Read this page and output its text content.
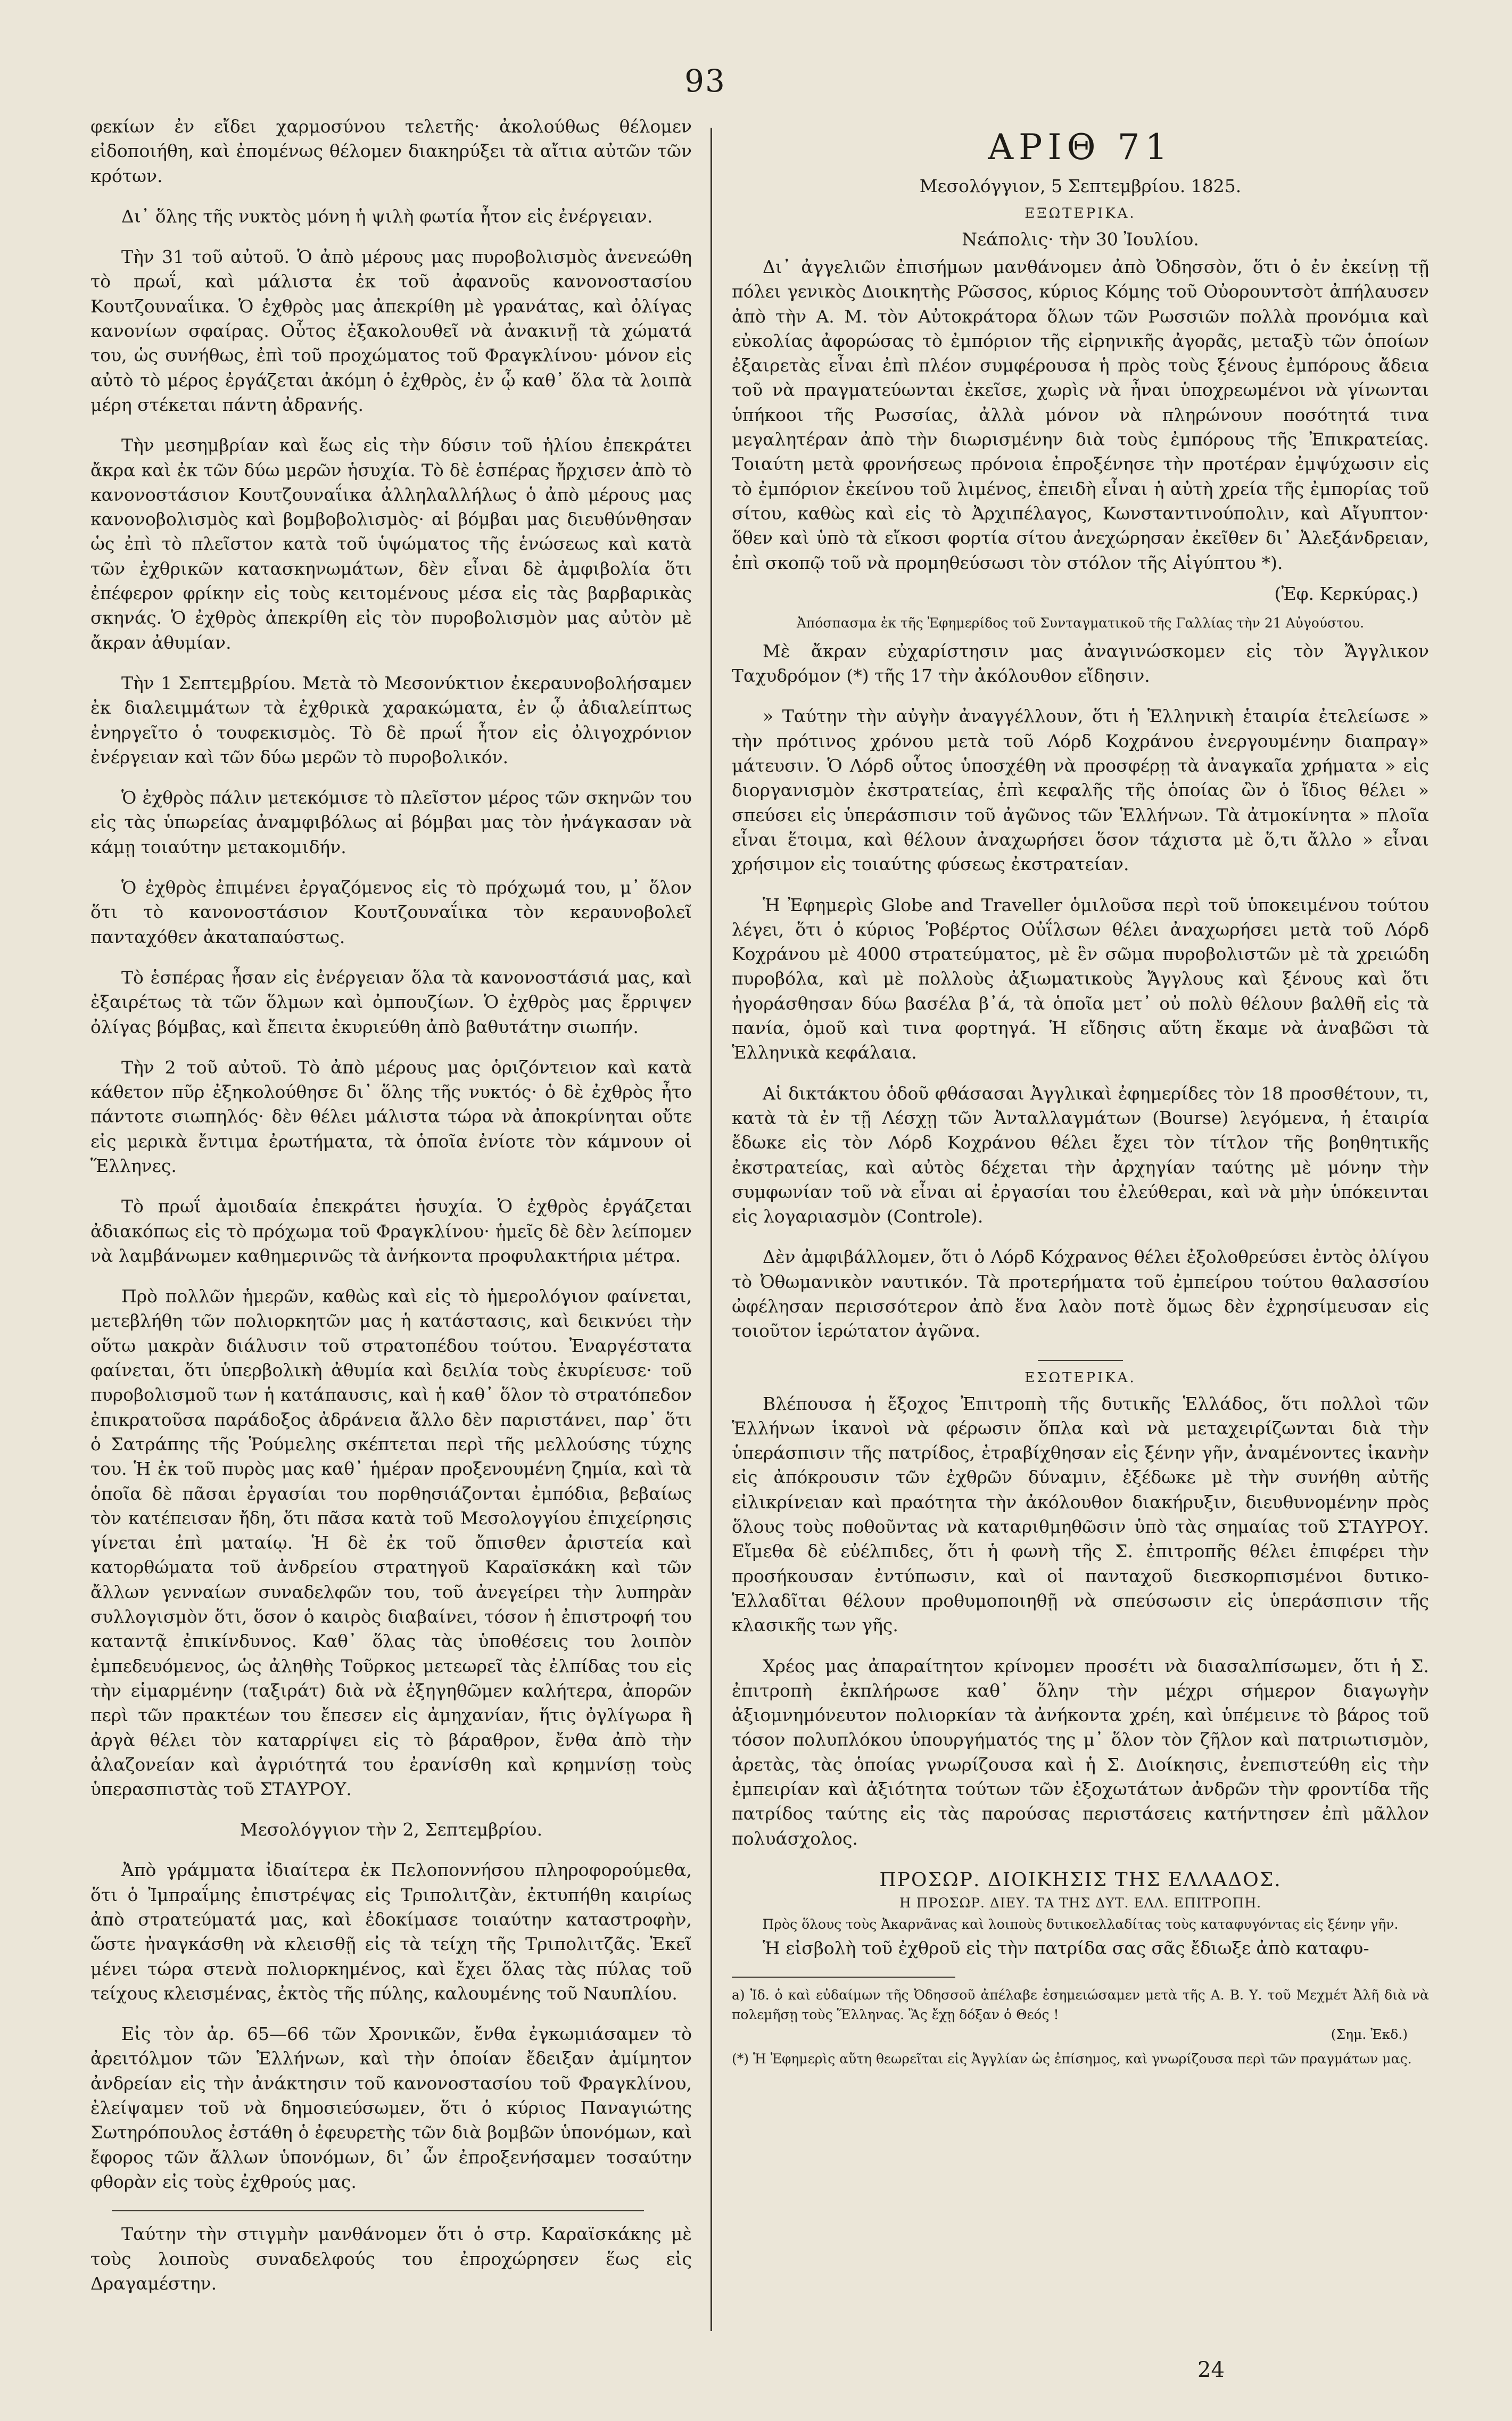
93

φεκίων ἐν εἴδει χαρμοσύνου τελετῆς· ἀκολούθως θέλομεν εἰδοποιήθη, καὶ ἐπομένως θέλομεν διακηρύξει τὰ αἴτια αὐτῶν τῶν κρότων.

Δι᾽ ὅλης τῆς νυκτὸς μόνη ἡ ψιλὴ φωτία ἦτον εἰς ἐνέργειαν.

Τὴν 31 τοῦ αὐτοῦ. Ὁ ἀπὸ μέρους μας πυροβολισμὸς ἀνενεώθη τὸ πρωΐ, καὶ μάλιστα ἐκ τοῦ ἀφανοῦς κανονοστασίου Κουτζουναΐικα. Ὁ ἐχθρὸς μας ἀπεκρίθη μὲ γρανάτας, καὶ ὀλίγας κανονίων σφαίρας. Οὗτος ἐξακολουθεῖ νὰ ἀνακινῇ τὰ χώματά του, ὡς συνήθως, ἐπὶ τοῦ προχώματος τοῦ Φραγκλίνου· μόνον εἰς αὐτὸ τὸ μέρος ἐργάζεται ἀκόμη ὁ ἐχθρὸς, ἐν ᾧ καθ᾽ ὅλα τὰ λοιπὰ μέρη στέκεται πάντη ἀδρανής.

Τὴν μεσημβρίαν καὶ ἕως εἰς τὴν δύσιν τοῦ ἡλίου ἐπεκράτει ἄκρα καὶ ἐκ τῶν δύω μερῶν ἡσυχία. Τὸ δὲ ἑσπέρας ἤρχισεν ἀπὸ τὸ κανονοστάσιον Κουτζουναΐικα ἀλληλαλλήλως ὁ ἀπὸ μέρους μας κανονοβολισμὸς καὶ βομβοβολισμὸς· αἱ βόμβαι μας διευθύνθησαν ὡς ἐπὶ τὸ πλεῖστον κατὰ τοῦ ὑψώματος τῆς ἑνώσεως καὶ κατὰ τῶν ἐχθρικῶν κατασκηνωμάτων, δὲν εἶναι δὲ ἀμφιβολία ὅτι ἐπέφερον φρίκην εἰς τοὺς κειτομένους μέσα εἰς τὰς βαρβαρικὰς σκηνάς. Ὁ ἐχθρὸς ἀπεκρίθη εἰς τὸν πυροβολισμὸν μας αὐτὸν μὲ ἄκραν ἀθυμίαν.

Τὴν 1 Σεπτεμβρίου. Μετὰ τὸ Μεσονύκτιον ἐκεραυνοβολήσαμεν ἐκ διαλειμμάτων τὰ ἐχθρικὰ χαρακώματα, ἐν ᾧ ἀδιαλείπτως ἐνηργεῖτο ὁ τουφεκισμὸς. Τὸ δὲ πρωΐ ἦτον εἰς ὀλιγοχρόνιον ἐνέργειαν καὶ τῶν δύω μερῶν τὸ πυροβολικόν.

Ὁ ἐχθρὸς πάλιν μετεκόμισε τὸ πλεῖστον μέρος τῶν σκηνῶν του εἰς τὰς ὑπωρείας ἀναμφιβόλως αἱ βόμβαι μας τὸν ἠνάγκασαν νὰ κάμῃ τοιαύτην μετακομιδήν.

Ὁ ἐχθρὸς ἐπιμένει ἐργαζόμενος εἰς τὸ πρόχωμά του, μ᾽ ὅλον ὅτι τὸ κανονοστάσιον Κουτζουναΐικα τὸν κεραυνοβολεῖ πανταχόθεν ἀκαταπαύστως.

Τὸ ἑσπέρας ἦσαν εἰς ἐνέργειαν ὅλα τὰ κανονοστάσιά μας, καὶ ἐξαιρέτως τὰ τῶν ὅλμων καὶ ὀμπουζίων. Ὁ ἐχθρὸς μας ἔρριψεν ὀλίγας βόμβας, καὶ ἔπειτα ἐκυριεύθη ἀπὸ βαθυτάτην σιωπήν.

Τὴν 2 τοῦ αὐτοῦ. Τὸ ἀπὸ μέρους μας ὁριζόντειον καὶ κατὰ κάθετον πῦρ ἐξηκολούθησε δι᾽ ὅλης τῆς νυκτός· ὁ δὲ ἐχθρὸς ἦτο πάντοτε σιωπηλός· δὲν θέλει μάλιστα τώρα νὰ ἀποκρίνηται οὔτε εἰς μερικὰ ἔντιμα ἐρωτήματα, τὰ ὁποῖα ἐνίοτε τὸν κάμνουν οἱ Ἕλληνες.

Τὸ πρωΐ ἀμοιδαία ἐπεκράτει ἡσυχία. Ὁ ἐχθρὸς ἐργάζεται ἀδιακόπως εἰς τὸ πρόχωμα τοῦ Φραγκλίνου· ἡμεῖς δὲ δὲν λείπομεν νὰ λαμβάνωμεν καθημερινῶς τὰ ἀνήκοντα προφυλακτήρια μέτρα.

Πρὸ πολλῶν ἡμερῶν, καθὼς καὶ εἰς τὸ ἡμερολόγιον φαίνεται, μετεβλήθη τῶν πολιορκητῶν μας ἡ κατάστασις, καὶ δεικνύει τὴν οὕτω μακρὰν διάλυσιν τοῦ στρατοπέδου τούτου. Ἐναργέστατα φαίνεται, ὅτι ὑπερβολικὴ ἀθυμία καὶ δειλία τοὺς ἐκυρίευσε· τοῦ πυροβολισμοῦ των ἡ κατάπαυσις, καὶ ἡ καθ᾽ ὅλον τὸ στρατόπεδον ἐπικρατοῦσα παράδοξος ἀδράνεια ἄλλο δὲν παριστάνει, παρ᾽ ὅτι ὁ Σατράπης τῆς Ῥούμελης σκέπτεται περὶ τῆς μελλούσης τύχης του. Ἡ ἐκ τοῦ πυρὸς μας καθ᾽ ἡμέραν προξενουμένη ζημία, καὶ τὰ ὁποῖα δὲ πᾶσαι ἐργασίαι του πορθησιάζονται ἐμπόδια, βεβαίως τὸν κατέπεισαν ἤδη, ὅτι πᾶσα κατὰ τοῦ Μεσολογγίου ἐπιχείρησις γίνεται ἐπὶ ματαίῳ. Ἡ δὲ ἐκ τοῦ ὄπισθεν ἀριστεία καὶ κατορθώματα τοῦ ἀνδρείου στρατηγοῦ Καραϊσκάκη καὶ τῶν ἄλλων γενναίων συναδελφῶν του, τοῦ ἀνεγείρει τὴν λυπηρὰν συλλογισμὸν ὅτι, ὅσον ὁ καιρὸς διαβαίνει, τόσον ἡ ἐπιστροφή του καταντᾷ ἐπικίνδυνος. Καθ᾽ ὅλας τὰς ὑποθέσεις του λοιπὸν ἐμπεδευόμενος, ὡς ἀληθὴς Τοῦρκος μετεωρεῖ τὰς ἐλπίδας του εἰς τὴν εἱμαρμένην (ταξιράτ) διὰ νὰ ἐξηγηθῶμεν καλήτερα, ἀπορῶν περὶ τῶν πρακτέων του ἔπεσεν εἰς ἀμηχανίαν, ἥτις ὀγλίγωρα ἢ ἀργὰ θέλει τὸν καταρρίψει εἰς τὸ βάραθρον, ἔνθα ἀπὸ τὴν ἀλαζονείαν καὶ ἀγριότητά του ἐρανίσθη καὶ κρημνίσῃ τοὺς ὑπερασπιστὰς τοῦ ΣΤΑΥΡΟΥ.

Μεσολόγγιον τὴν 2, Σεπτεμβρίου.

Ἀπὸ γράμματα ἰδιαίτερα ἐκ Πελοποννήσου πληροφορούμεθα, ὅτι ὁ Ἰμπραΐμης ἐπιστρέψας εἰς Τριπολιτζὰν, ἐκτυπήθη καιρίως ἀπὸ στρατεύματά μας, καὶ ἐδοκίμασε τοιαύτην καταστροφὴν, ὥστε ἠναγκάσθη νὰ κλεισθῇ εἰς τὰ τείχη τῆς Τριπολιτζᾶς. Ἐκεῖ μένει τώρα στενὰ πολιορκημένος, καὶ ἔχει ὅλας τὰς πύλας τοῦ τείχους κλεισμένας, ἐκτὸς τῆς πύλης, καλουμένης τοῦ Ναυπλίου.

Εἰς τὸν ἀρ. 65—66 τῶν Χρονικῶν, ἔνθα ἐγκωμιάσαμεν τὸ ἀρειτόλμον τῶν Ἑλλήνων, καὶ τὴν ὁποίαν ἔδειξαν ἀμίμητον ἀνδρείαν εἰς τὴν ἀνάκτησιν τοῦ κανονοστασίου τοῦ Φραγκλίνου, ἐλείψαμεν τοῦ νὰ δημοσιεύσωμεν, ὅτι ὁ κύριος Παναγιώτης Σωτηρόπουλος ἐστάθη ὁ ἐφευρετὴς τῶν διὰ βομβῶν ὑπονόμων, καὶ ἔφορος τῶν ἄλλων ὑπονόμων, δι᾽ ὧν ἐπροξενήσαμεν τοσαύτην φθορὰν εἰς τοὺς ἐχθρούς μας.

Ταύτην τὴν στιγμὴν μανθάνομεν ὅτι ὁ στρ. Καραϊσκάκης μὲ τοὺς λοιποὺς συναδελφούς του ἐπροχώρησεν ἕως εἰς Δραγαμέστην.

ΑΡΙΘ 71
Μεσολόγγιον, 5 Σεπτεμβρίου. 1825.
ΕΞΩΤΕΡΙΚΑ.
Νεάπολις· τὴν 30 Ἰουλίου.

Δι᾽ ἀγγελιῶν ἐπισήμων μανθάνομεν ἀπὸ Ὀδησσὸν, ὅτι ὁ ἐν ἐκείνῃ τῇ πόλει γενικὸς Διοικητὴς Ρῶσσος, κύριος Κόμης τοῦ Οὐορουντσὸτ ἀπήλαυσεν ἀπὸ τὴν Α. Μ. τὸν Αὐτοκράτορα ὅλων τῶν Ρωσσιῶν πολλὰ προνόμια καὶ εὐκολίας ἀφορώσας τὸ ἐμπόριον τῆς εἰρηνικῆς ἀγορᾶς, μεταξὺ τῶν ὁποίων ἐξαιρετὰς εἶναι ἐπὶ πλέον συμφέρουσα ἡ πρὸς τοὺς ξένους ἐμπόρους ἄδεια τοῦ νὰ πραγματεύωνται ἐκεῖσε, χωρὶς νὰ ἦναι ὑποχρεωμένοι νὰ γίνωνται ὑπήκοοι τῆς Ρωσσίας, ἀλλὰ μόνον νὰ πληρώνουν ποσότητά τινα μεγαλητέραν ἀπὸ τὴν διωρισμένην διὰ τοὺς ἐμπόρους τῆς Ἐπικρατείας. Τοιαύτη μετὰ φρονήσεως πρόνοια ἐπροξένησε τὴν προτέραν ἐμψύχωσιν εἰς τὸ ἐμπόριον ἐκείνου τοῦ λιμένος, ἐπειδὴ εἶναι ἡ αὐτὴ χρεία τῆς ἐμπορίας τοῦ σίτου, καθὼς καὶ εἰς τὸ Ἀρχιπέλαγος, Κωνσταντινούπολιν, καὶ Αἴγυπτον· ὅθεν καὶ ὑπὸ τὰ εἴκοσι φορτία σίτου ἀνεχώρησαν ἐκεῖθεν δι᾽ Ἀλεξάνδρειαν, ἐπὶ σκοπῷ τοῦ νὰ προμηθεύσωσι τὸν στόλον τῆς Αἰγύπτου *).

(Ἐφ. Κερκύρας.)
Ἀπόσπασμα ἐκ τῆς Ἐφημερίδος τοῦ Συνταγματικοῦ τῆς Γαλλίας τὴν 21 Αὐγούστου.

Μὲ ἄκραν εὐχαρίστησιν μας ἀναγινώσκομεν εἰς τὸν Ἄγγλικον Ταχυδρόμον (*) τῆς 17 τὴν ἀκόλουθον εἴδησιν.

» Ταύτην τὴν αὐγὴν ἀναγγέλλουν, ὅτι ἡ Ἑλληνικὴ ἑταιρία ἐτελείωσε » τὴν πρότινος χρόνου μετὰ τοῦ Λόρδ Κοχράνου ἐνεργουμένην διαπραγ» μάτευσιν. Ὁ Λόρδ οὗτος ὑποσχέθη νὰ προσφέρῃ τὰ ἀναγκαῖα χρήματα » εἰς διοργανισμὸν ἐκστρατείας, ἐπὶ κεφαλῆς τῆς ὁποίας ὢν ὁ ἴδιος θέλει » σπεύσει εἰς ὑπεράσπισιν τοῦ ἀγῶνος τῶν Ἑλλήνων. Τὰ ἀτμοκίνητα » πλοῖα εἶναι ἕτοιμα, καὶ θέλουν ἀναχωρήσει ὅσον τάχιστα μὲ ὅ,τι ἄλλο » εἶναι χρήσιμον εἰς τοιαύτης φύσεως ἐκστρατείαν.

Ἡ Ἐφημερὶς Globe and Traveller ὁμιλοῦσα περὶ τοῦ ὑποκειμένου τούτου λέγει, ὅτι ὁ κύριος Ῥοβέρτος Οὐΐλσων θέλει ἀναχωρήσει μετὰ τοῦ Λόρδ Κοχράνου μὲ 4000 στρατεύματος, μὲ ἓν σῶμα πυροβολιστῶν μὲ τὰ χρειώδη πυροβόλα, καὶ μὲ πολλοὺς ἀξιωματικοὺς Ἄγγλους καὶ ξένους καὶ ὅτι ἠγοράσθησαν δύω βασέλα β᾽ά, τὰ ὁποῖα μετ᾽ οὐ πολὺ θέλουν βαλθῆ εἰς τὰ πανία, ὁμοῦ καὶ τινα φορτηγά. Ἡ εἴδησις αὕτη ἔκαμε νὰ ἀναβῶσι τὰ Ἑλληνικὰ κεφάλαια.

Αἱ δικτάκτου ὁδοῦ φθάσασαι Ἀγγλικαὶ ἐφημερίδες τὸν 18 προσθέτουν, τι, κατὰ τὰ ἐν τῇ Λέσχῃ τῶν Ἀνταλλαγμάτων (Bourse) λεγόμενα, ἡ ἑταιρία ἔδωκε εἰς τὸν Λόρδ Κοχράνου θέλει ἔχει τὸν τίτλον τῆς βοηθητικῆς ἐκστρατείας, καὶ αὐτὸς δέχεται τὴν ἀρχηγίαν ταύτης μὲ μόνην τὴν συμφωνίαν τοῦ νὰ εἶναι αἱ ἐργασίαι του ἐλεύθεραι, καὶ νὰ μὴν ὑπόκεινται εἰς λογαριασμὸν (Controle).

Δὲν ἀμφιβάλλομεν, ὅτι ὁ Λόρδ Κόχρανος θέλει ἐξολοθρεύσει ἐντὸς ὀλίγου τὸ Ὀθωμανικὸν ναυτικόν. Τὰ προτερήματα τοῦ ἐμπείρου τούτου θαλασσίου ὠφέλησαν περισσότερον ἀπὸ ἕνα λαὸν ποτὲ ὅμως δὲν ἐχρησίμευσαν εἰς τοιοῦτον ἱερώτατον ἀγῶνα.

ΕΣΩΤΕΡΙΚΑ.

Βλέπουσα ἡ ἔξοχος Ἐπιτροπὴ τῆς δυτικῆς Ἑλλάδος, ὅτι πολλοὶ τῶν Ἑλλήνων ἱκανοὶ νὰ φέρωσιν ὅπλα καὶ νὰ μεταχειρίζωνται διὰ τὴν ὑπεράσπισιν τῆς πατρίδος, ἐτραβίχθησαν εἰς ξένην γῆν, ἀναμένοντες ἱκανὴν εἰς ἀπόκρουσιν τῶν ἐχθρῶν δύναμιν, ἐξέδωκε μὲ τὴν συνήθη αὐτῆς εἰλικρίνειαν καὶ πραότητα τὴν ἀκόλουθον διακήρυξιν, διευθυνομένην πρὸς ὅλους τοὺς ποθοῦντας νὰ καταριθμηθῶσιν ὑπὸ τὰς σημαίας τοῦ ΣΤΑΥΡΟΥ. Εἴμεθα δὲ εὐέλπιδες, ὅτι ἡ φωνὴ τῆς Σ. ἐπιτροπῆς θέλει ἐπιφέρει τὴν προσήκουσαν ἐντύπωσιν, καὶ οἱ πανταχοῦ διεσκορπισμένοι δυτικο-Ἑλλαδῖται θέλουν προθυμοποιηθῇ νὰ σπεύσωσιν εἰς ὑπεράσπισιν τῆς κλασικῆς των γῆς.

Χρέος μας ἀπαραίτητον κρίνομεν προσέτι νὰ διασαλπίσωμεν, ὅτι ἡ Σ. ἐπιτροπὴ ἐκπλήρωσε καθ᾽ ὅλην τὴν μέχρι σήμερον διαγωγὴν ἀξιομνημόνευτον πολιορκίαν τὰ ἀνήκοντα χρέη, καὶ ὑπέμεινε τὸ βάρος τοῦ τόσον πολυπλόκου ὑπουργήματός της μ᾽ ὅλον τὸν ζῆλον καὶ πατριωτισμὸν, ἀρετὰς, τὰς ὁποίας γνωρίζουσα καὶ ἡ Σ. Διοίκησις, ἐνεπιστεύθη εἰς τὴν ἐμπειρίαν καὶ ἀξιότητα τούτων τῶν ἐξοχωτάτων ἀνδρῶν τὴν φροντίδα τῆς πατρίδος ταύτης εἰς τὰς παρούσας περιστάσεις κατήντησεν ἐπὶ μᾶλλον πολυάσχολος.

ΠΡΟΣΩΡ. ΔΙΟΙΚΗΣΙΣ ΤΗΣ ΕΛΛΑΔΟΣ.
Η ΠΡΟΣΩΡ. ΔΙΕΥ. ΤΑ ΤΗΣ ΔΥΤ. ΕΛΛ. ΕΠΙΤΡΟΠΗ.
Πρὸς ὅλους τοὺς Ἀκαρνᾶνας καὶ λοιποὺς δυτικοελλαδίτας τοὺς καταφυγόντας εἰς ξένην γῆν.

Ἡ εἰσβολὴ τοῦ ἐχθροῦ εἰς τὴν πατρίδα σας σᾶς ἔδιωξε ἀπὸ καταφυ-

a) Ἰδ. ὁ καὶ εὐδαίμων τῆς Ὀδησσοῦ ἀπέλαβε ἐσημειώσαμεν μετὰ τῆς Α. Β. Υ. τοῦ Μεχμέτ Ἀλῆ διὰ νὰ πολεμῆσῃ τοὺς Ἕλληνας. Ἂς ἔχῃ δόξαν ὁ Θεός !

(Σημ. Ἐκδ.)

(*) Ἡ Ἐφημερὶς αὕτη θεωρεῖται εἰς Ἀγγλίαν ὡς ἐπίσημος, καὶ γνωρίζουσα περὶ τῶν πραγμάτων μας.

24
